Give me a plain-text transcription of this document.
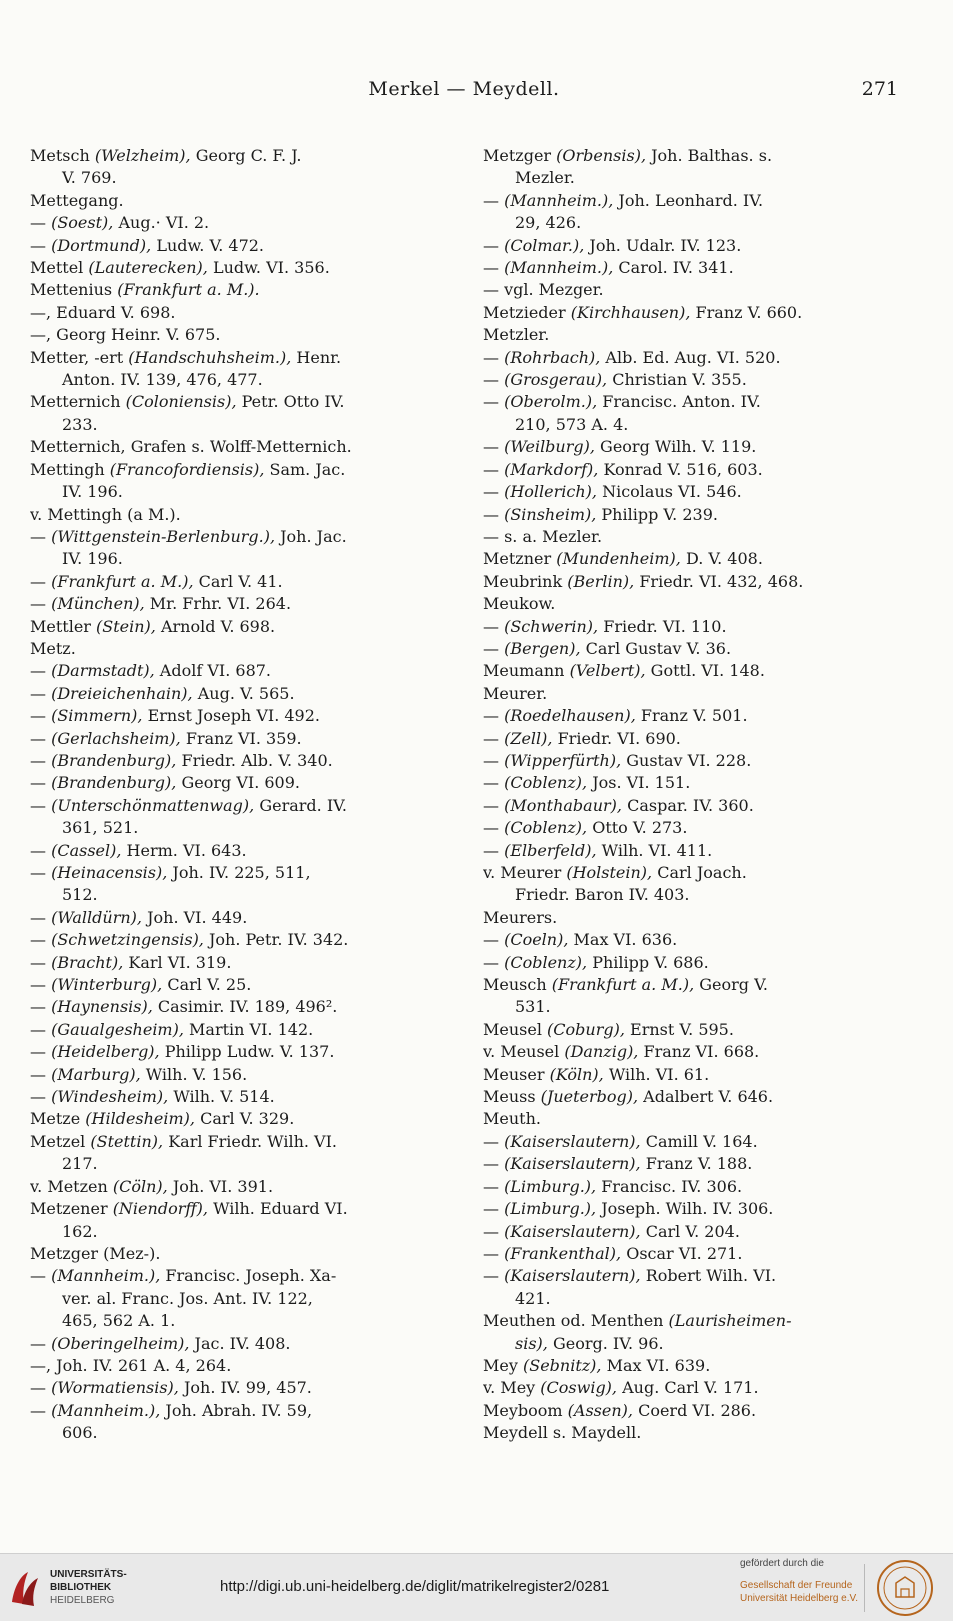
Merkel — Meydell.	271
Metsch (Welzheim), Georg C. F. J.
V. 769.
Mettegang.
— (Soest), Aug.· VI. 2.
— (Dortmund), Ludw. V. 472.
Mettel (Lauterecken), Ludw. VI. 356.
Mettenius (Frankfurt a. M.).
—, Eduard V. 698.
—, Georg Heinr. V. 675.
Metter, -ert (Handschuhsheim.), Henr.
Anton. IV. 139, 476, 477.
Metternich (Coloniensis), Petr. Otto IV.
233.
Metternich, Grafen s. Wolff-Metternich.
Mettingh (Francofordiensis), Sam. Jac.
IV. 196.
v. Mettingh (a M.).
— (Wittgenstein-Berlenburg.), Joh. Jac.
IV. 196.
— (Frankfurt a. M.), Carl V. 41.
— (München), Mr. Frhr. VI. 264.
Mettler (Stein), Arnold V. 698.
Metz.
— (Darmstadt), Adolf VI. 687.
— (Dreieichenhain), Aug. V. 565.
— (Simmern), Ernst Joseph VI. 492.
— (Gerlachsheim), Franz VI. 359.
— (Brandenburg), Friedr. Alb. V. 340.
— (Brandenburg), Georg VI. 609.
— (Unterschönmattenwag), Gerard. IV.
361, 521.
— (Cassel), Herm. VI. 643.
— (Heinacensis), Joh. IV. 225, 511,
512.
— (Walldürn), Joh. VI. 449.
— (Schwetzingensis), Joh. Petr. IV. 342.
— (Bracht), Karl VI. 319.
— (Winterburg), Carl V. 25.
— (Haynensis), Casimir. IV. 189, 496².
— (Gaualgesheim), Martin VI. 142.
— (Heidelberg), Philipp Ludw. V. 137.
— (Marburg), Wilh. V. 156.
— (Windesheim), Wilh. V. 514.
Metze (Hildesheim), Carl V. 329.
Metzel (Stettin), Karl Friedr. Wilh. VI.
217.
v. Metzen (Cöln), Joh. VI. 391.
Metzener (Niendorff), Wilh. Eduard VI.
162.
Metzger (Mez-).
— (Mannheim.), Francisc. Joseph. Xa-
ver. al. Franc. Jos. Ant. IV. 122,
465, 562 A. 1.
— (Oberingelheim), Jac. IV. 408.
—, Joh. IV. 261 A. 4, 264.
— (Wormatiensis), Joh. IV. 99, 457.
— (Mannheim.), Joh. Abrah. IV. 59,
606.
Metzger (Orbensis), Joh. Balthas. s.
Mezler.
— (Mannheim.), Joh. Leonhard. IV.
29, 426.
— (Colmar.), Joh. Udalr. IV. 123.
— (Mannheim.), Carol. IV. 341.
— vgl. Mezger.
Metzieder (Kirchhausen), Franz V. 660.
Metzler.
— (Rohrbach), Alb. Ed. Aug. VI. 520.
— (Grosgerau), Christian V. 355.
— (Oberolm.), Francisc. Anton. IV.
210, 573 A. 4.
— (Weilburg), Georg Wilh. V. 119.
— (Markdorf), Konrad V. 516, 603.
— (Hollerich), Nicolaus VI. 546.
— (Sinsheim), Philipp V. 239.
— s. a. Mezler.
Metzner (Mundenheim), D. V. 408.
Meubrink (Berlin), Friedr. VI. 432, 468.
Meukow.
— (Schwerin), Friedr. VI. 110.
— (Bergen), Carl Gustav V. 36.
Meumann (Velbert), Gottl. VI. 148.
Meurer.
— (Roedelhausen), Franz V. 501.
— (Zell), Friedr. VI. 690.
— (Wipperfürth), Gustav VI. 228.
— (Coblenz), Jos. VI. 151.
— (Monthabaur), Caspar. IV. 360.
— (Coblenz), Otto V. 273.
— (Elberfeld), Wilh. VI. 411.
v. Meurer (Holstein), Carl Joach.
Friedr. Baron IV. 403.
Meurers.
— (Coeln), Max VI. 636.
— (Coblenz), Philipp V. 686.
Meusch (Frankfurt a. M.), Georg V.
531.
Meusel (Coburg), Ernst V. 595.
v. Meusel (Danzig), Franz VI. 668.
Meuser (Köln), Wilh. VI. 61.
Meuss (Jueterbog), Adalbert V. 646.
Meuth.
— (Kaiserslautern), Camill V. 164.
— (Kaiserslautern), Franz V. 188.
— (Limburg.), Francisc. IV. 306.
— (Limburg.), Joseph. Wilh. IV. 306.
— (Kaiserslautern), Carl V. 204.
— (Frankenthal), Oscar VI. 271.
— (Kaiserslautern), Robert Wilh. VI.
421.
Meuthen od. Menthen (Laurisheimen-
sis), Georg. IV. 96.
Mey (Sebnitz), Max VI. 639.
v. Mey (Coswig), Aug. Carl V. 171.
Meyboom (Assen), Coerd VI. 286.
Meydell s. Maydell.
UNIVERSITÄTS-
BIBLIOTHEK
HEIDELBERG
http://digi.ub.uni-heidelberg.de/diglit/matrikelregister2/0281
gefördert durch die
Gesellschaft der Freunde
Universität Heidelberg e.V.
